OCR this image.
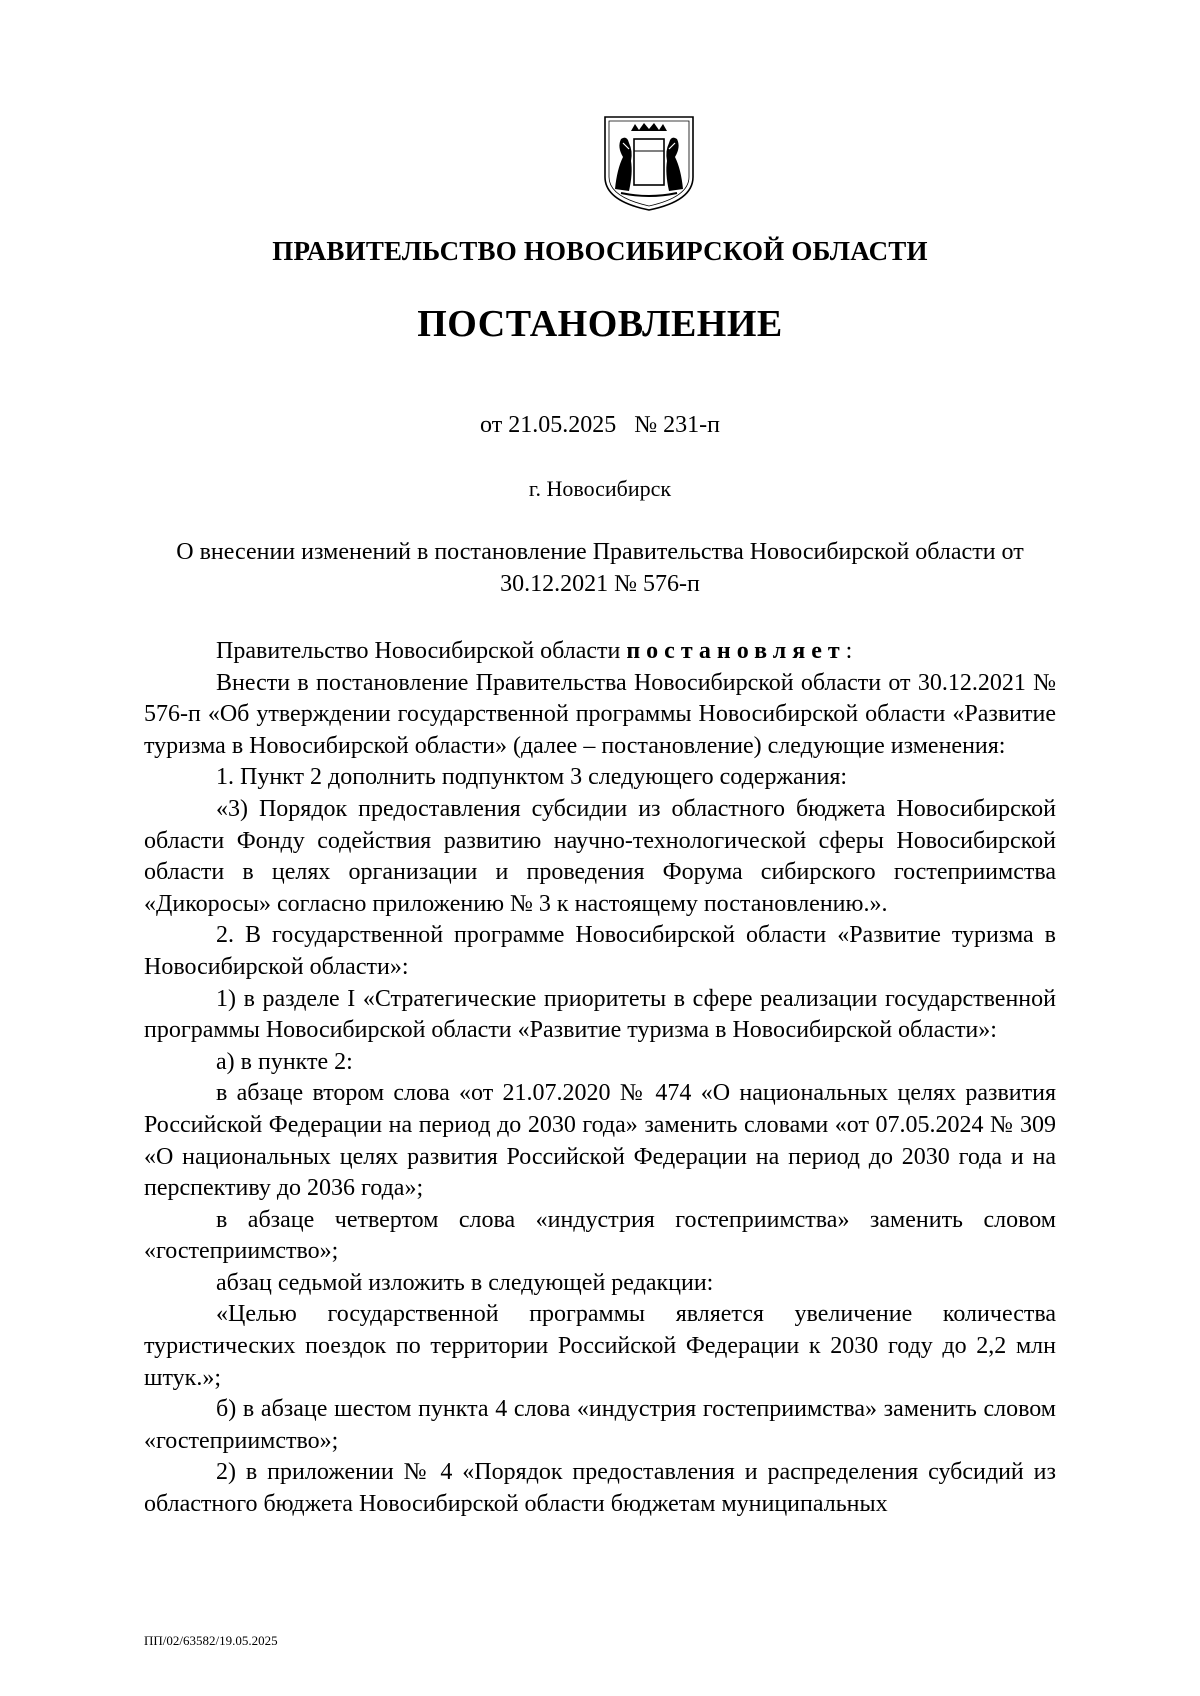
ПРАВИТЕЛЬСТВО НОВОСИБИРСКОЙ ОБЛАСТИ
ПОСТАНОВЛЕНИЕ
от 21.05.2025 № 231-п
г. Новосибирск
О внесении изменений в постановление Правительства Новосибирской области от 30.12.2021 № 576-п

Правительство Новосибирской области постановляет:

Внести в постановление Правительства Новосибирской области от 30.12.2021 № 576-п «Об утверждении государственной программы Новосибирской области «Развитие туризма в Новосибирской области» (далее – постановление) следующие изменения:

1. Пункт 2 дополнить подпунктом 3 следующего содержания:

«3) Порядок предоставления субсидии из областного бюджета Новосибирской области Фонду содействия развитию научно-технологической сферы Новосибирской области в целях организации и проведения Форума сибирского гостеприимства «Дикоросы» согласно приложению № 3 к настоящему постановлению.».

2. В государственной программе Новосибирской области «Развитие туризма в Новосибирской области»:

1) в разделе I «Стратегические приоритеты в сфере реализации государственной программы Новосибирской области «Развитие туризма в Новосибирской области»:

а) в пункте 2:

в абзаце втором слова «от 21.07.2020 № 474 «О национальных целях развития Российской Федерации на период до 2030 года» заменить словами «от 07.05.2024 № 309 «О национальных целях развития Российской Федерации на период до 2030 года и на перспективу до 2036 года»;

в абзаце четвертом слова «индустрия гостеприимства» заменить словом «гостеприимство»;

абзац седьмой изложить в следующей редакции:

«Целью государственной программы является увеличение количества туристических поездок по территории Российской Федерации к 2030 году до 2,2 млн штук.»;

б) в абзаце шестом пункта 4 слова «индустрия гостеприимства» заменить словом «гостеприимство»;

2) в приложении № 4 «Порядок предоставления и распределения субсидий из областного бюджета Новосибирской области бюджетам муниципальных

ПП/02/63582/19.05.2025
